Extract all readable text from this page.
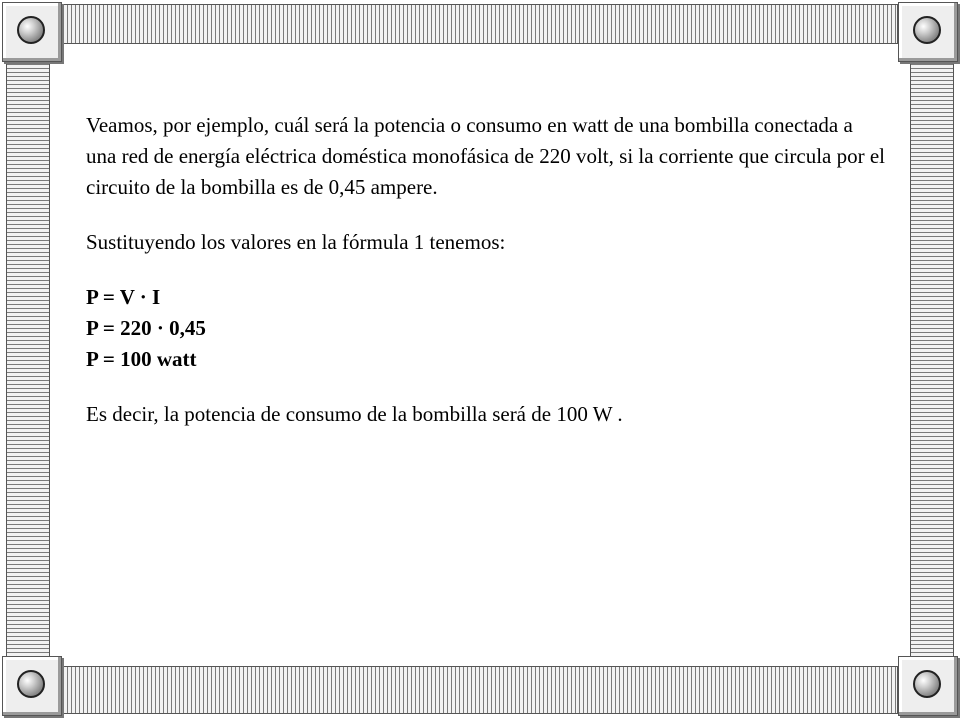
Veamos, por ejemplo, cuál será la potencia o consumo en watt de una bombilla conectada a una red de energía eléctrica doméstica monofásica de 220 volt, si la corriente que circula por el circuito de la bombilla es de 0,45 ampere.

Sustituyendo los valores en la fórmula 1 tenemos:

P = V · I

P = 220 · 0,45

P = 100 watt

Es decir, la potencia de consumo de la bombilla será de 100 W .
